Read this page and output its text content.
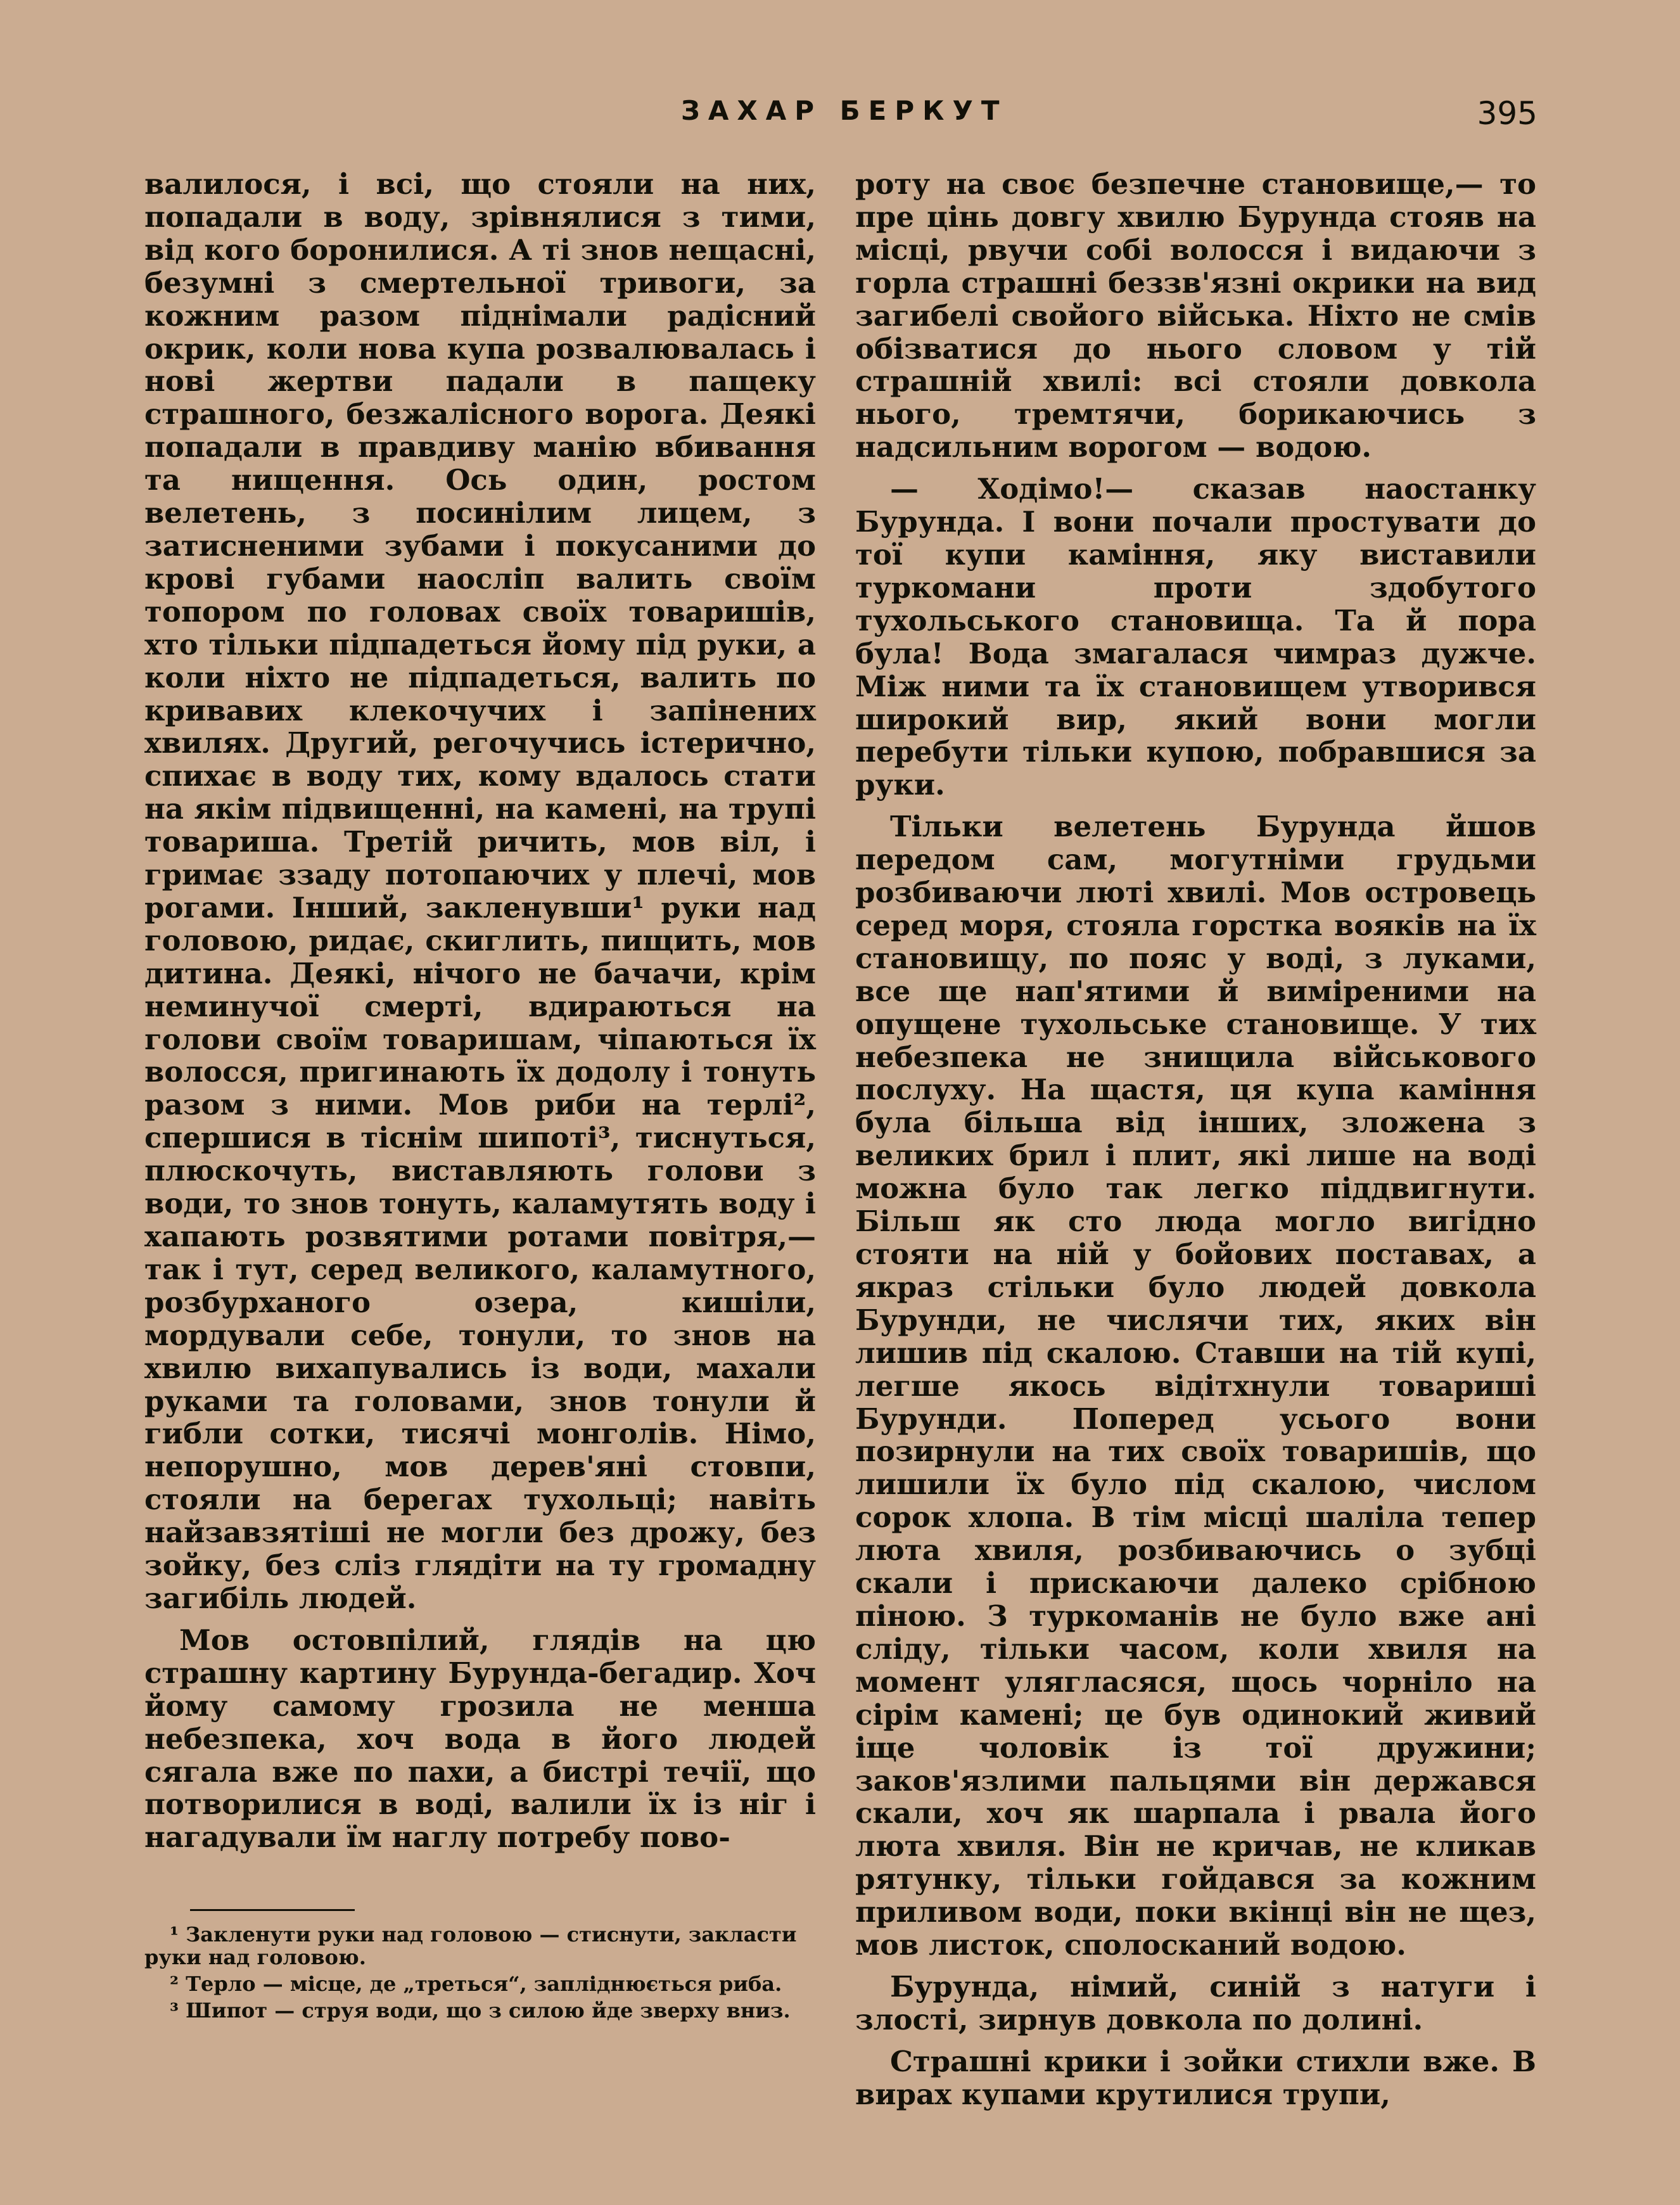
ЗАХАР БЕРКУТ	395

валилося, і всі, що стояли на них, попадали в воду, зрівнялися з тими, від кого боронилися. А ті знов нещасні, безумні з смертельної тривоги, за кожним разом піднімали радісний окрик, коли нова купа розвалювалась і нові жертви падали в пащеку страшного, безжалісного ворога. Деякі попадали в правдиву манію вбивання та нищення. Ось один, ростом велетень, з посинілим лицем, з затисненими зубами і покусаними до крові губами наосліп валить своїм топором по головах своїх товаришів, хто тільки підпадеться йому під руки, а коли ніхто не підпадеться, валить по кривавих клекочучих і запінених хвилях. Другий, регочучись істерично, спихає в воду тих, кому вдалось стати на якім підвищенні, на камені, на трупі товариша. Третій ричить, мов віл, і гримає ззаду потопаючих у плечі, мов рогами. Інший, закленувши¹ руки над головою, ридає, скиглить, пищить, мов дитина. Деякі, нічого не бачачи, крім неминучої смерті, вдираються на голови своїм товаришам, чіпаються їх волосся, пригинають їх додолу і тонуть разом з ними. Мов риби на терлі², спершися в тіснім шипоті³, тиснуться, плюскочуть, виставляють голови з води, то знов тонуть, каламутять воду і хапають розвятими ротами повітря,— так і тут, серед великого, каламутного, розбурханого озера, кишіли, мордували себе, тонули, то знов на хвилю вихапувались із води, махали руками та головами, знов тонули й гибли сотки, тисячі монголів. Німо, непорушно, мов дерев'яні стовпи, стояли на берегах тухольці; навіть найзавзятіші не могли без дрожу, без зойку, без сліз глядіти на ту громадну загибіль людей.

Мов остовпілий, глядів на цю страшну картину Бурунда-бегадир. Хоч йому самому грозила не менша небезпека, хоч вода в його людей сягала вже по пахи, а бистрі течії, що потворилися в воді, валили їх із ніг і нагадували їм наглу потребу пово-

роту на своє безпечне становище,— то пре цінь довгу хвилю Бурунда стояв на місці, рвучи собі волосся і видаючи з горла страшні беззв'язні окрики на вид загибелі свойого війська. Ніхто не смів обізватися до нього словом у тій страшній хвилі: всі стояли довкола нього, тремтячи, борикаючись з надсильним ворогом — водою.

— Ходімо!— сказав наостанку Бурунда. І вони почали простувати до тої купи каміння, яку виставили туркомани проти здобутого тухольського становища. Та й пора була! Вода змагалася чимраз дужче. Між ними та їх становищем утворився широкий вир, який вони могли перебути тільки купою, побравшися за руки.

Тільки велетень Бурунда йшов передом сам, могутніми грудьми розбиваючи люті хвилі. Мов островець серед моря, стояла горстка вояків на їх становищу, по пояс у воді, з луками, все ще нап'ятими й виміреними на опущене тухольське становище. У тих небезпека не знищила військового послуху. На щастя, ця купа каміння була більша від інших, зложена з великих брил і плит, які лише на воді можна було так легко піддвигнути. Більш як сто люда могло вигідно стояти на ній у бойових поставах, а якраз стільки було людей довкола Бурунди, не числячи тих, яких він лишив під скалою. Ставши на тій купі, легше якось відітхнули товариші Бурунди. Поперед усього вони позирнули на тих своїх товаришів, що лишили їх було під скалою, числом сорок хлопа. В тім місці шаліла тепер люта хвиля, розбиваючись о зубці скали і прискаючи далеко срібною піною. З туркоманів не було вже ані сліду, тільки часом, коли хвиля на момент улягласяся, щось чорніло на сірім камені; це був одинокий живий іще чоловік із тої дружини; заков'язлими пальцями він держався скали, хоч як шарпала і рвала його люта хвиля. Він не кричав, не кликав рятунку, тільки гойдався за кожним приливом води, поки вкінці він не щез, мов листок, сполосканий водою.

Бурунда, німий, синій з натуги і злості, зирнув довкола по долині.

Страшні крики і зойки стихли вже. В вирах купами крутилися трупи,

¹ Закленути руки над головою — стиснути, закласти руки над головою.

² Терло — місце, де „треться“, запліднюється риба.

³ Шипот — струя води, що з силою йде зверху вниз.
